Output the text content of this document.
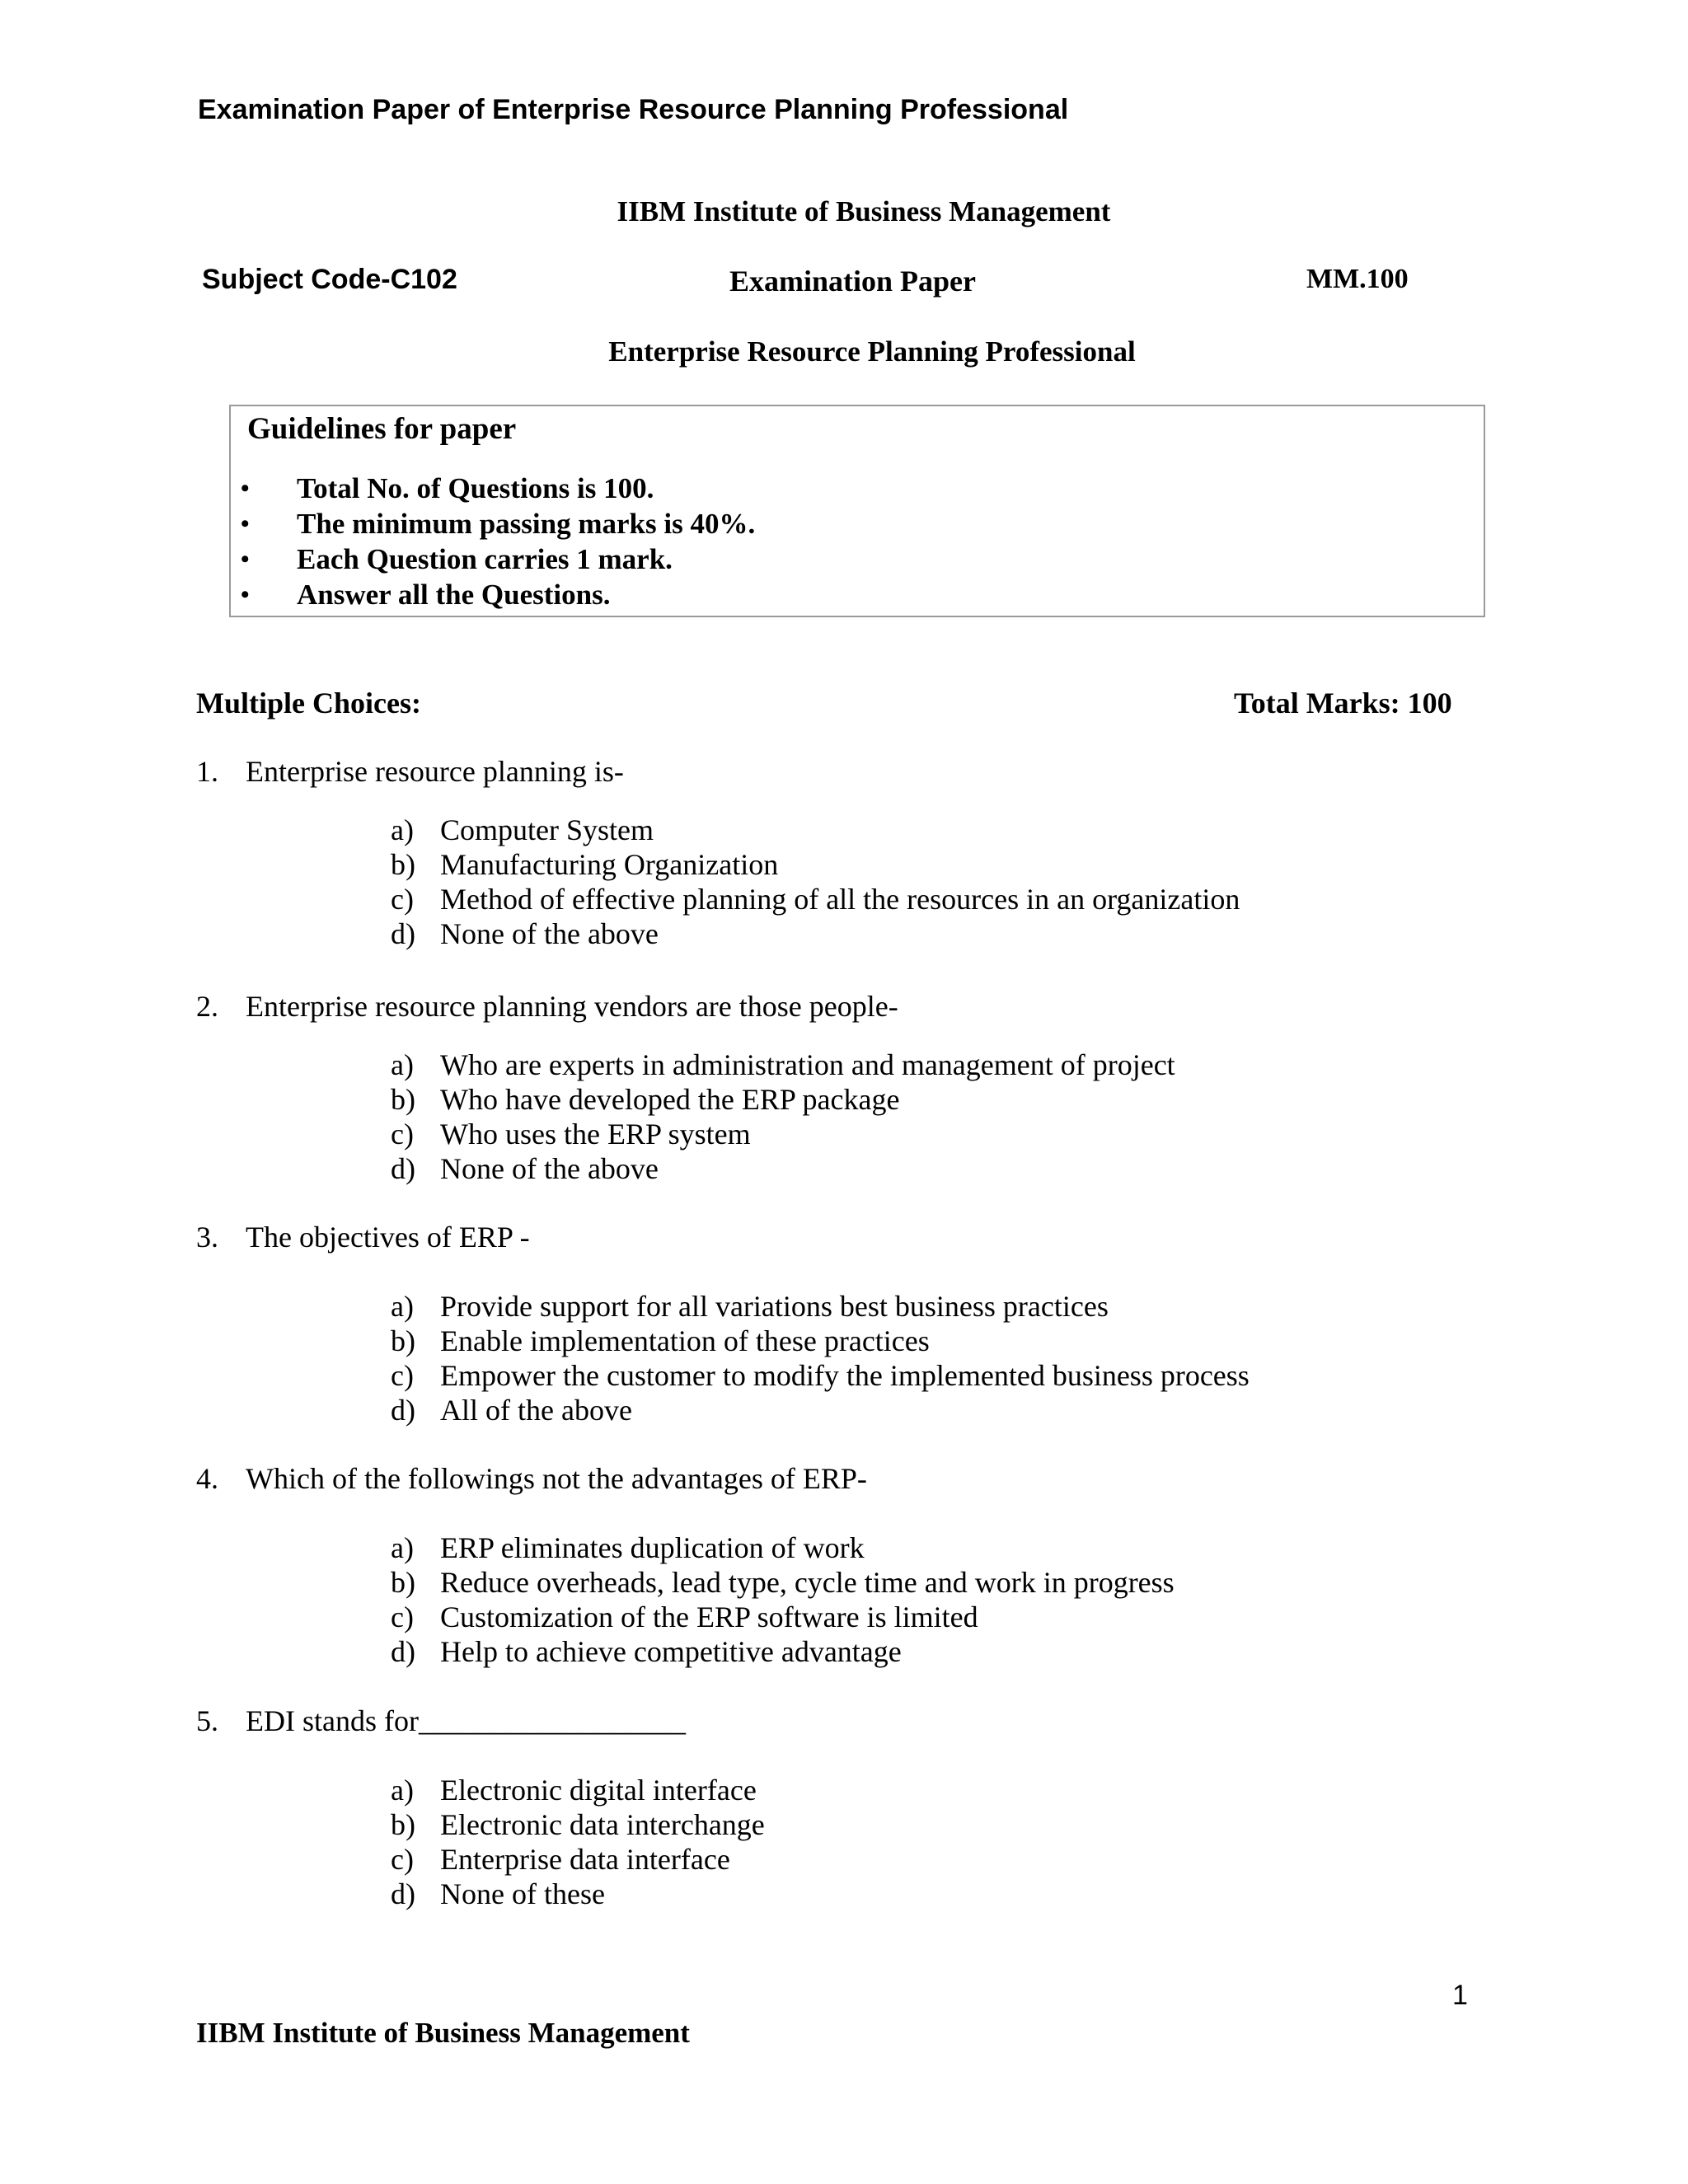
Examination Paper of Enterprise Resource Planning Professional
IIBM Institute of Business Management
Subject Code-C102	Examination Paper	MM.100
Enterprise Resource Planning Professional
Guidelines for paper
• Total No. of Questions is 100.
• The minimum passing marks is 40%.
• Each Question carries 1 mark.
• Answer all the Questions.
Multiple Choices:	Total Marks: 100
1. Enterprise resource planning is-
a) Computer System
b) Manufacturing Organization
c) Method of effective planning of all the resources in an organization
d) None of the above
2. Enterprise resource planning vendors are those people-
a) Who are experts in administration and management of project
b) Who have developed the ERP package
c) Who uses the ERP system
d) None of the above
3. The objectives of ERP -
a) Provide support for all variations best business practices
b) Enable implementation of these practices
c) Empower the customer to modify the implemented business process
d) All of the above
4. Which of the followings not the advantages of ERP-
a) ERP eliminates duplication of work
b) Reduce overheads, lead type, cycle time and work in progress
c) Customization of the ERP software is limited
d) Help to achieve competitive advantage
5. EDI stands for__________________
a) Electronic digital interface
b) Electronic data interchange
c) Enterprise data interface
d) None of these
1
IIBM Institute of Business Management
